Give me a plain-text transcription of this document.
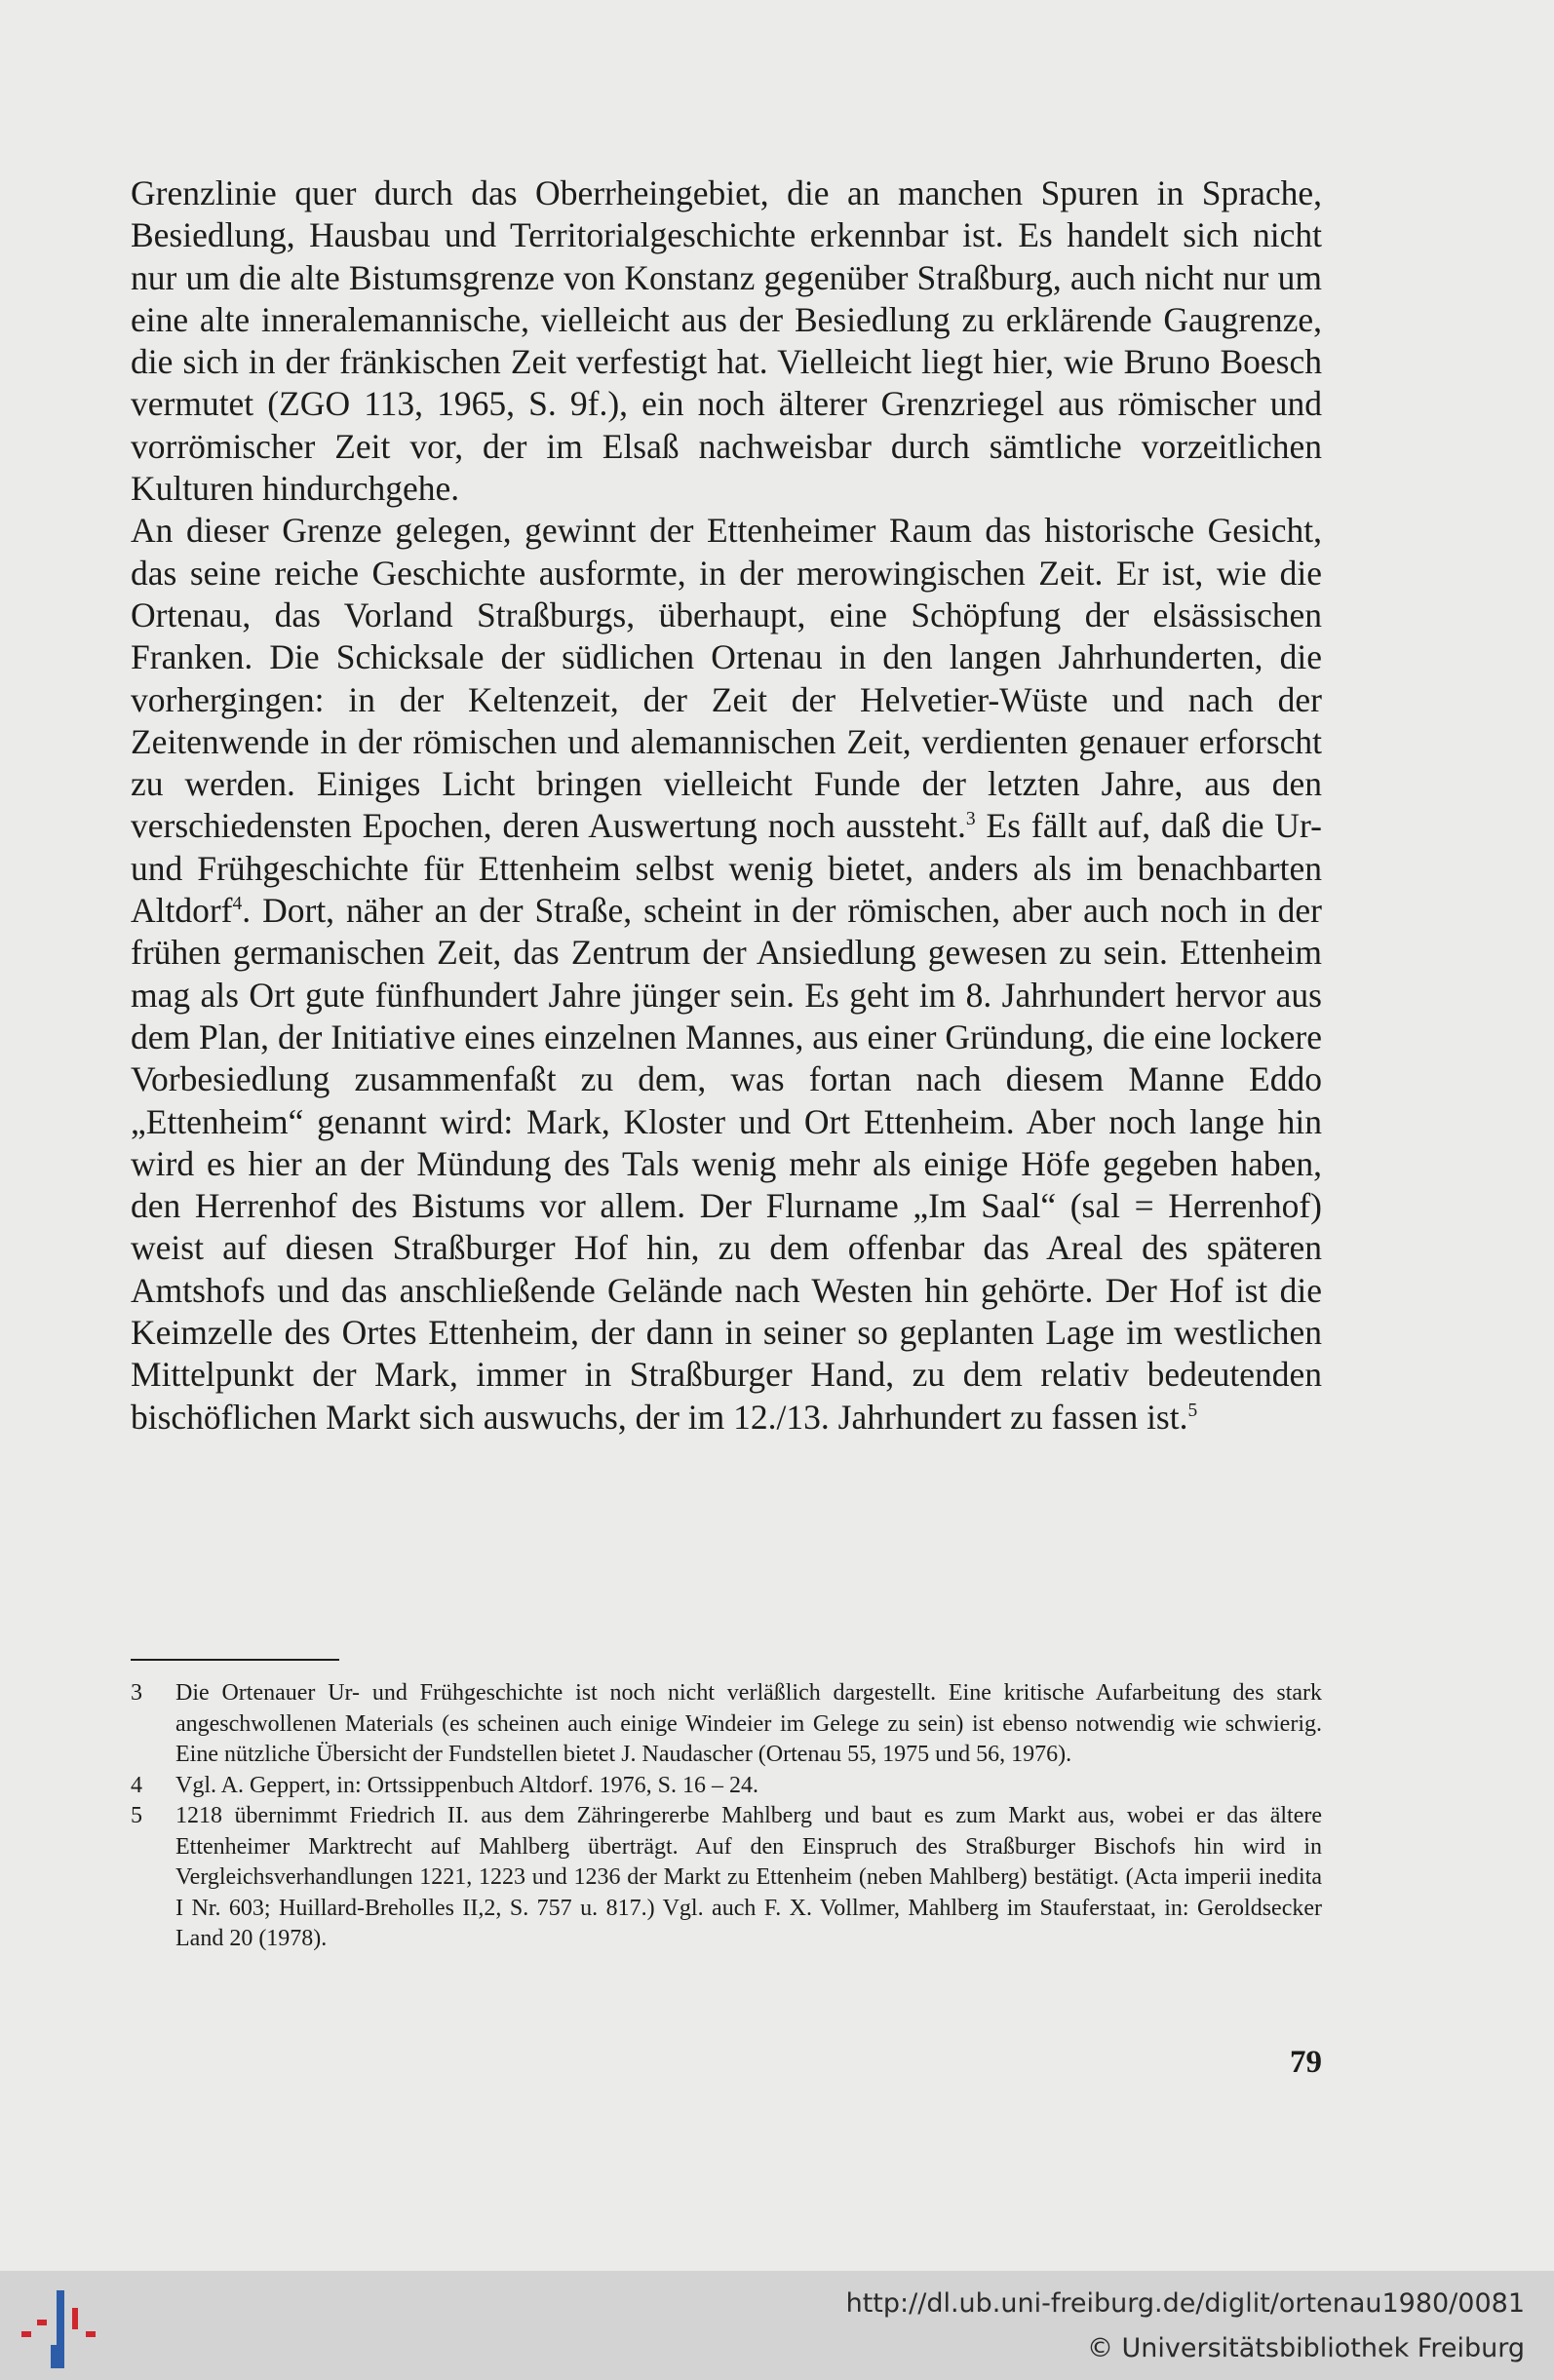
Grenzlinie quer durch das Oberrheingebiet, die an manchen Spuren in Sprache, Besiedlung, Hausbau und Territorialgeschichte erkennbar ist. Es handelt sich nicht nur um die alte Bistumsgrenze von Konstanz gegenüber Straßburg, auch nicht nur um eine alte inneralemannische, vielleicht aus der Besiedlung zu erklärende Gaugrenze, die sich in der fränkischen Zeit verfestigt hat. Vielleicht liegt hier, wie Bruno Boesch vermutet (ZGO 113, 1965, S. 9f.), ein noch älterer Grenzriegel aus römischer und vorrömischer Zeit vor, der im Elsaß nachweisbar durch sämtliche vorzeitlichen Kulturen hindurchgehe.

An dieser Grenze gelegen, gewinnt der Ettenheimer Raum das historische Gesicht, das seine reiche Geschichte ausformte, in der merowingischen Zeit. Er ist, wie die Ortenau, das Vorland Straßburgs, überhaupt, eine Schöpfung der elsässischen Franken. Die Schicksale der südlichen Ortenau in den langen Jahrhunderten, die vorhergingen: in der Keltenzeit, der Zeit der Helvetier-Wüste und nach der Zeitenwende in der römischen und alemannischen Zeit, verdienten genauer erforscht zu werden. Einiges Licht bringen vielleicht Funde der letzten Jahre, aus den verschiedensten Epochen, deren Auswertung noch aussteht.$^3$ Es fällt auf, daß die Ur- und Frühgeschichte für Ettenheim selbst wenig bietet, anders als im benachbarten Altdorf$^4$. Dort, näher an der Straße, scheint in der römischen, aber auch noch in der frühen germanischen Zeit, das Zentrum der Ansiedlung gewesen zu sein. Ettenheim mag als Ort gute fünfhundert Jahre jünger sein. Es geht im 8. Jahrhundert hervor aus dem Plan, der Initiative eines einzelnen Mannes, aus einer Gründung, die eine lockere Vorbesiedlung zusammenfaßt zu dem, was fortan nach diesem Manne Eddo „Ettenheim“ genannt wird: Mark, Kloster und Ort Ettenheim. Aber noch lange hin wird es hier an der Mündung des Tals wenig mehr als einige Höfe gegeben haben, den Herrenhof des Bistums vor allem. Der Flurname „Im Saal“ (sal = Herrenhof) weist auf diesen Straßburger Hof hin, zu dem offenbar das Areal des späteren Amtshofs und das anschließende Gelände nach Westen hin gehörte. Der Hof ist die Keimzelle des Ortes Ettenheim, der dann in seiner so geplanten Lage im westlichen Mittelpunkt der Mark, immer in Straßburger Hand, zu dem relativ bedeutenden bischöflichen Markt sich auswuchs, der im 12./13. Jahrhundert zu fassen ist.$^5$

3	Die Ortenauer Ur- und Frühgeschichte ist noch nicht verläßlich dargestellt. Eine kritische Aufarbeitung des stark angeschwollenen Materials (es scheinen auch einige Windeier im Gelege zu sein) ist ebenso notwendig wie schwierig. Eine nützliche Übersicht der Fundstellen bietet J. Naudascher (Ortenau 55, 1975 und 56, 1976).
4	Vgl. A. Geppert, in: Ortssippenbuch Altdorf. 1976, S. 16 – 24.
5	1218 übernimmt Friedrich II. aus dem Zähringererbe Mahlberg und baut es zum Markt aus, wobei er das ältere Ettenheimer Marktrecht auf Mahlberg überträgt. Auf den Einspruch des Straßburger Bischofs hin wird in Vergleichsverhandlungen 1221, 1223 und 1236 der Markt zu Ettenheim (neben Mahlberg) bestätigt. (Acta imperii inedita I Nr. 603; Huillard-Breholles II,2, S. 757 u. 817.) Vgl. auch F. X. Vollmer, Mahlberg im Stauferstaat, in: Geroldsecker Land 20 (1978).
79
http://dl.ub.uni-freiburg.de/diglit/ortenau1980/0081
© Universitätsbibliothek Freiburg
